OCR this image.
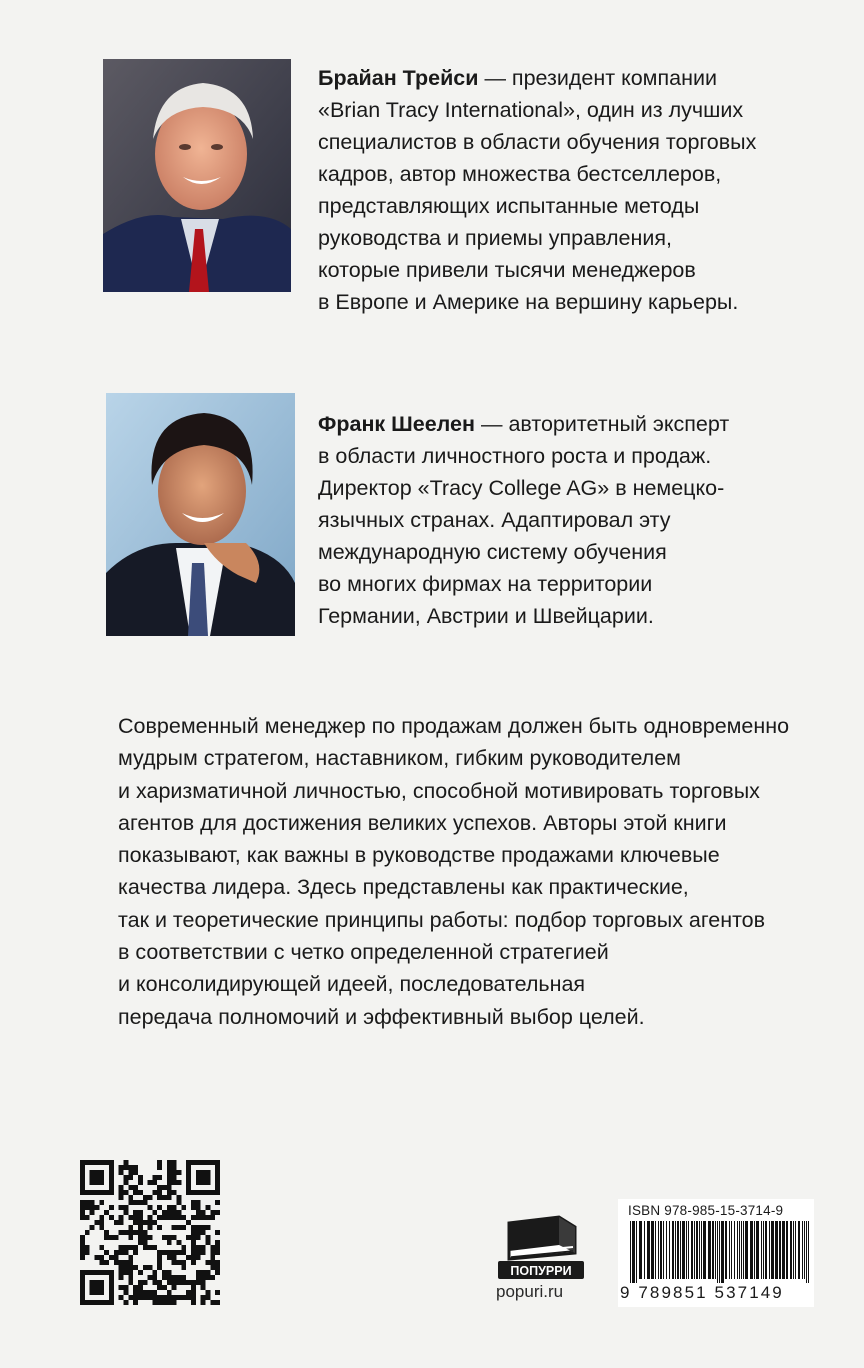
Брайан Трейси — президент компании
«Brian Tracy International», один из лучших
специалистов в области обучения торговых
кадров, автор множества бестселлеров,
представляющих испытанные методы
руководства и приемы управления,
которые привели тысячи менеджеров
в Европе и Америке на вершину карьеры.
Франк Шеелен — авторитетный эксперт
в области личностного роста и продаж.
Директор «Tracy College AG» в немецко-
язычных странах. Адаптировал эту
международную систему обучения
во многих фирмах на территории
Германии, Австрии и Швейцарии.
Современный менеджер по продажам должен быть одновременно
мудрым стратегом, наставником, гибким руководителем
и харизматичной личностью, способной мотивировать торговых
агентов для достижения великих успехов. Авторы этой книги
показывают, как важны в руководстве продажами ключевые
качества лидера. Здесь представлены как практические,
так и теоретические принципы работы: подбор торговых агентов
в соответствии с четко определенной стратегией
и консолидирующей идеей, последовательная
передача полномочий и эффективный выбор целей.
ПОПУРРИ
popuri.ru
ISBN 978-985-15-3714-9
9 789851 537149
